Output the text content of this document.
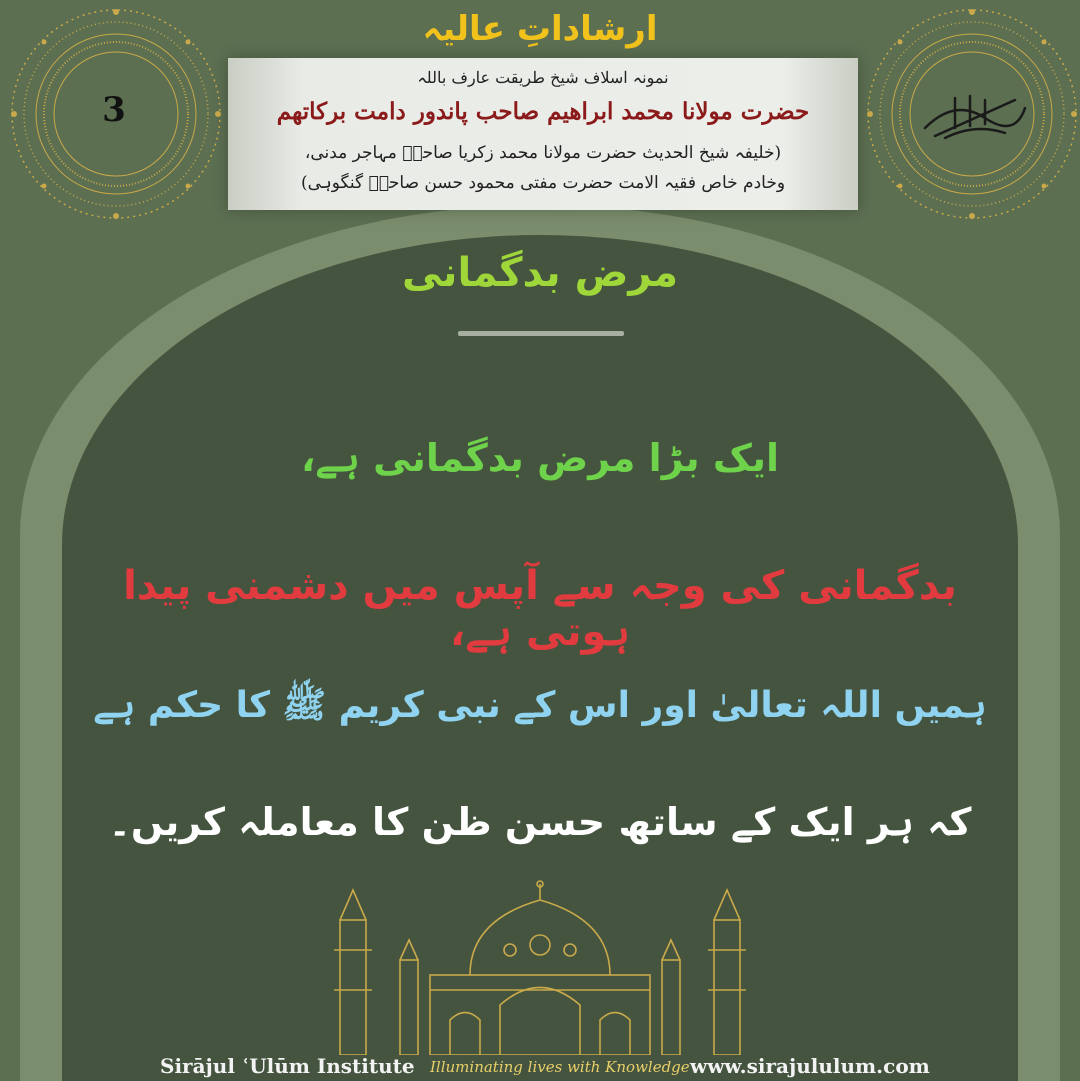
3
ارشاداتِ عالیہ
نمونہ اسلاف شیخ طریقت عارف باللہ
حضرت مولانا محمد ابراھیم صاحب پاندور دامت برکاتھم
(خلیفہ شیخ الحدیث حضرت مولانا محمد زکریا صاحبؒ مہاجر مدنی،
وخادم خاص فقیہ الامت حضرت مفتی محمود حسن صاحبؒ گنگوہی)
مرض بدگمانی
ایک بڑا مرض بدگمانی ہے،
بدگمانی کی وجہ سے آپس میں دشمنی پیدا ہوتی ہے،
ہمیں اللہ تعالیٰ اور اس کے نبی کریم ﷺ کا حکم ہے
کہ ہر ایک کے ساتھ حسن ظن کا معاملہ کریں۔
Sirājul ʿUlūm Institute Illuminating lives with Knowledge www.sirajululum.com
